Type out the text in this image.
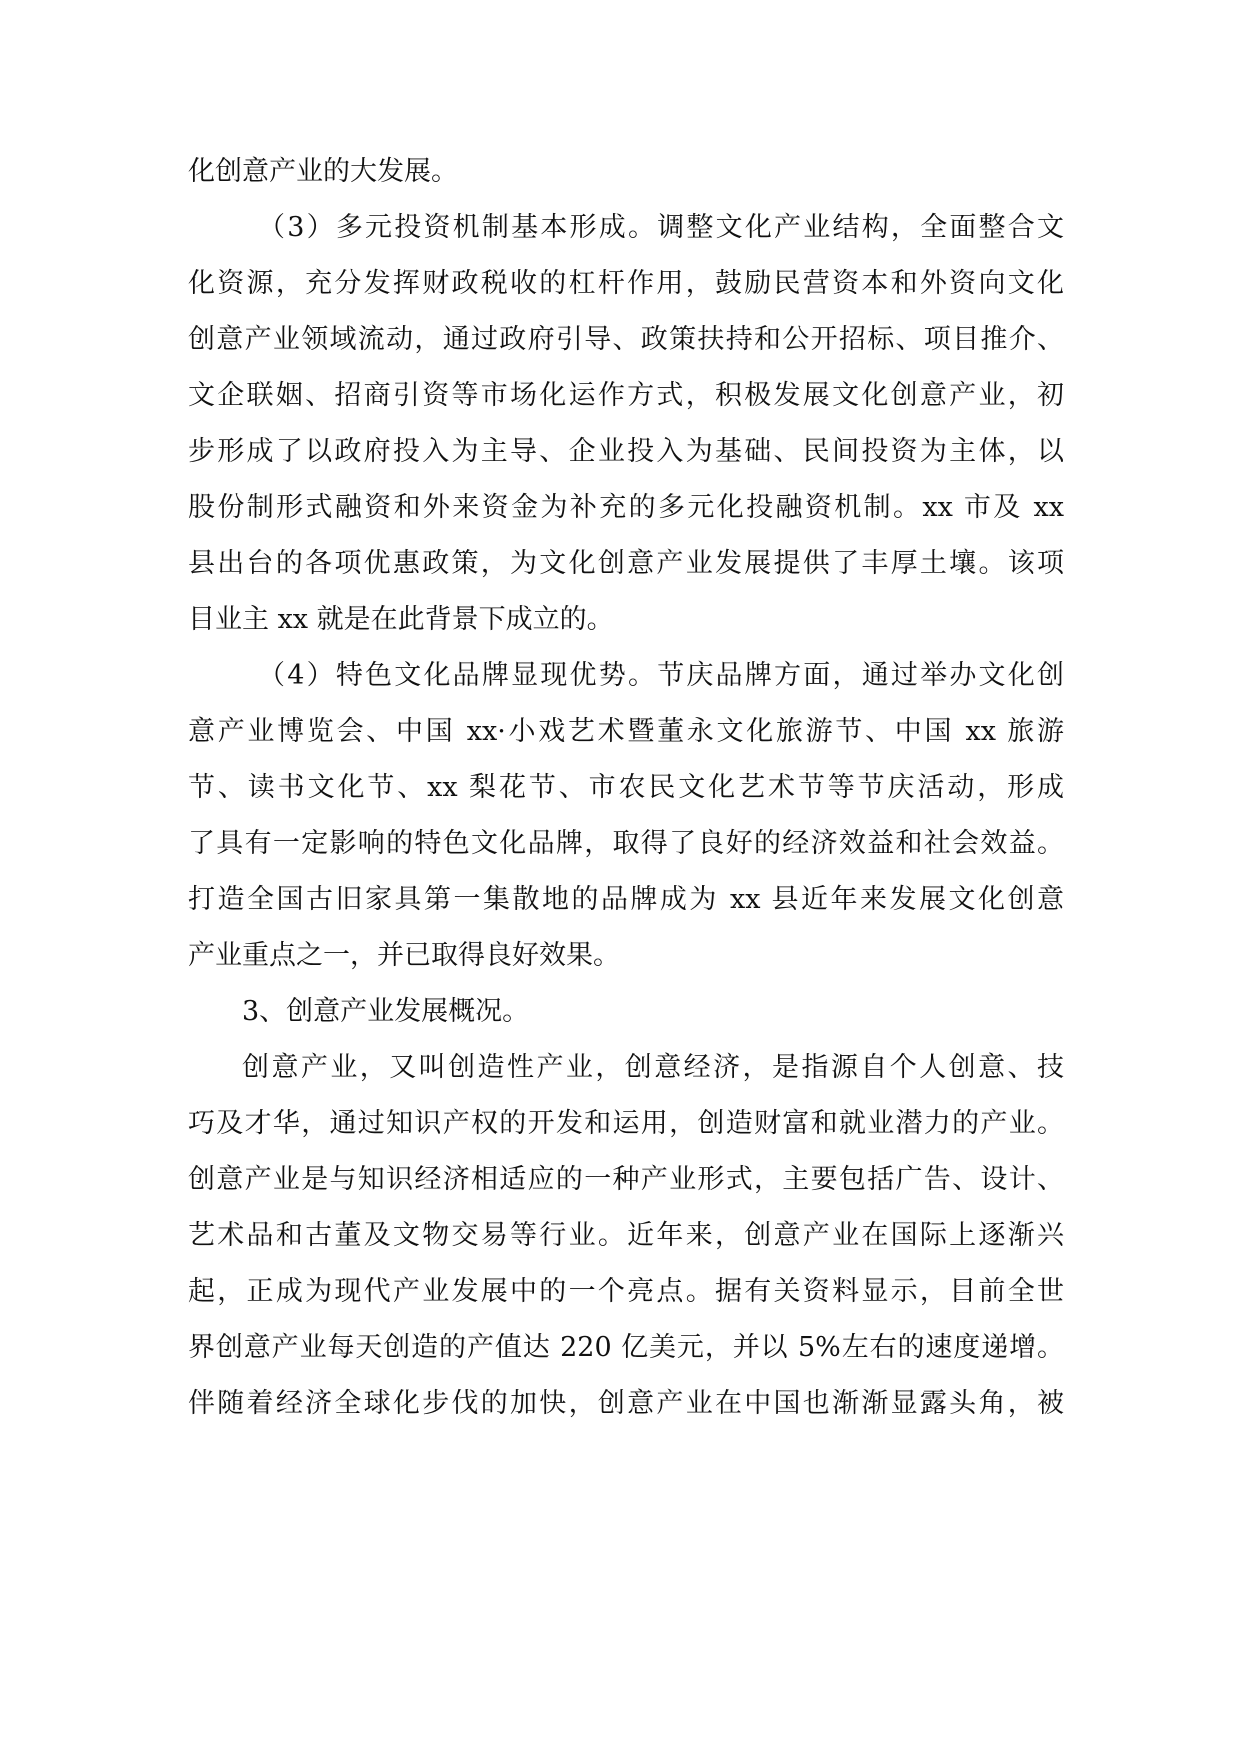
化创意产业的大发展。
（3）多元投资机制基本形成。调整文化产业结构，全面整合文
化资源，充分发挥财政税收的杠杆作用，鼓励民营资本和外资向文化
创意产业领域流动，通过政府引导、政策扶持和公开招标、项目推介、
文企联姻、招商引资等市场化运作方式，积极发展文化创意产业，初
步形成了以政府投入为主导、企业投入为基础、民间投资为主体，以
股份制形式融资和外来资金为补充的多元化投融资机制。xx 市及 xx
县出台的各项优惠政策，为文化创意产业发展提供了丰厚土壤。该项
目业主 xx 就是在此背景下成立的。
（4）特色文化品牌显现优势。节庆品牌方面，通过举办文化创
意产业博览会、中国 xx·小戏艺术暨董永文化旅游节、中国 xx 旅游
节、读书文化节、xx 梨花节、市农民文化艺术节等节庆活动，形成
了具有一定影响的特色文化品牌，取得了良好的经济效益和社会效益。
打造全国古旧家具第一集散地的品牌成为 xx 县近年来发展文化创意
产业重点之一，并已取得良好效果。
3、创意产业发展概况。
创意产业，又叫创造性产业，创意经济，是指源自个人创意、技
巧及才华，通过知识产权的开发和运用，创造财富和就业潜力的产业。
创意产业是与知识经济相适应的一种产业形式，主要包括广告、设计、
艺术品和古董及文物交易等行业。近年来，创意产业在国际上逐渐兴
起，正成为现代产业发展中的一个亮点。据有关资料显示，目前全世
界创意产业每天创造的产值达 220 亿美元，并以 5%左右的速度递增。
伴随着经济全球化步伐的加快，创意产业在中国也渐渐显露头角，被
